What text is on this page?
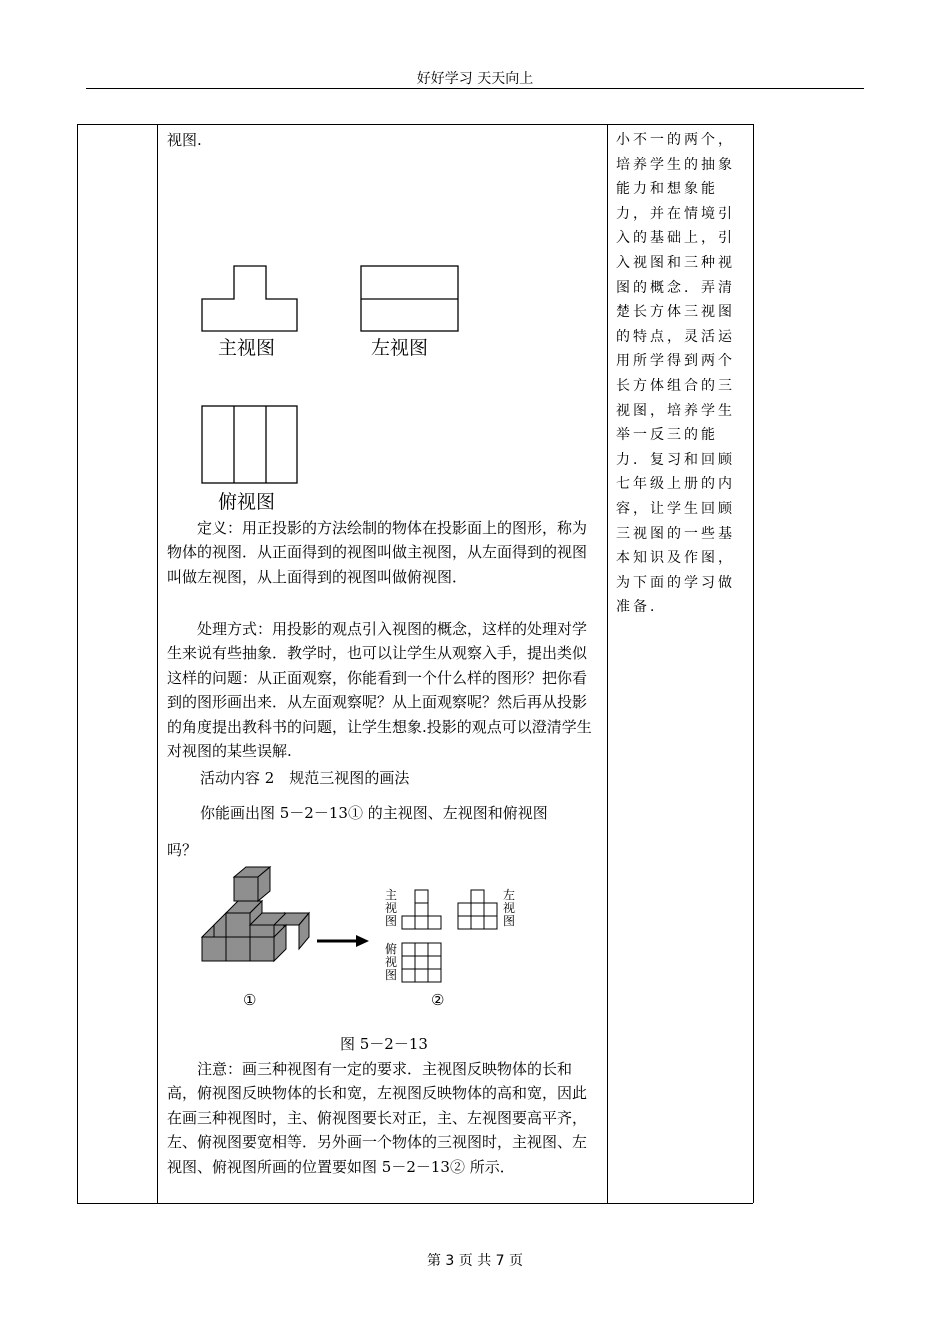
好好学习 天天向上
视图.
主视图	左视图
俯视图
定义：用正投影的方法绘制的物体在投影面上的图形，称为物体的视图．从正面得到的视图叫做主视图，从左面得到的视图叫做左视图，从上面得到的视图叫做俯视图．
处理方式：用投影的观点引入视图的概念，这样的处理对学生来说有些抽象．教学时，也可以让学生从观察入手，提出类似这样的问题：从正面观察，你能看到一个什么样的图形？把你看到的图形画出来．从左面观察呢？从上面观察呢？然后再从投影的角度提出教科书的问题，让学生想象.投影的观点可以澄清学生对视图的某些误解.
活动内容 2　规范三视图的画法
你能画出图 5－2－13① 的主视图、左视图和俯视图
吗？
主视图
左视图
俯视图
①	②
图 5－2－13
注意：画三种视图有一定的要求．主视图反映物体的长和高，俯视图反映物体的长和宽，左视图反映物体的高和宽，因此在画三种视图时，主、俯视图要长对正，主、左视图要高平齐，左、俯视图要宽相等．另外画一个物体的三视图时，主视图、左视图、俯视图所画的位置要如图 5－2－13② 所示．
小不一的两个，培养学生的抽象能力和想象能力，并在情境引入的基础上，引入视图和三种视图的概念．弄清楚长方体三视图的特点，灵活运用所学得到两个长方体组合的三视图，培养学生举一反三的能力．复习和回顾七年级上册的内容，让学生回顾三视图的一些基本知识及作图，为下面的学习做准备．
第 3 页 共 7 页
